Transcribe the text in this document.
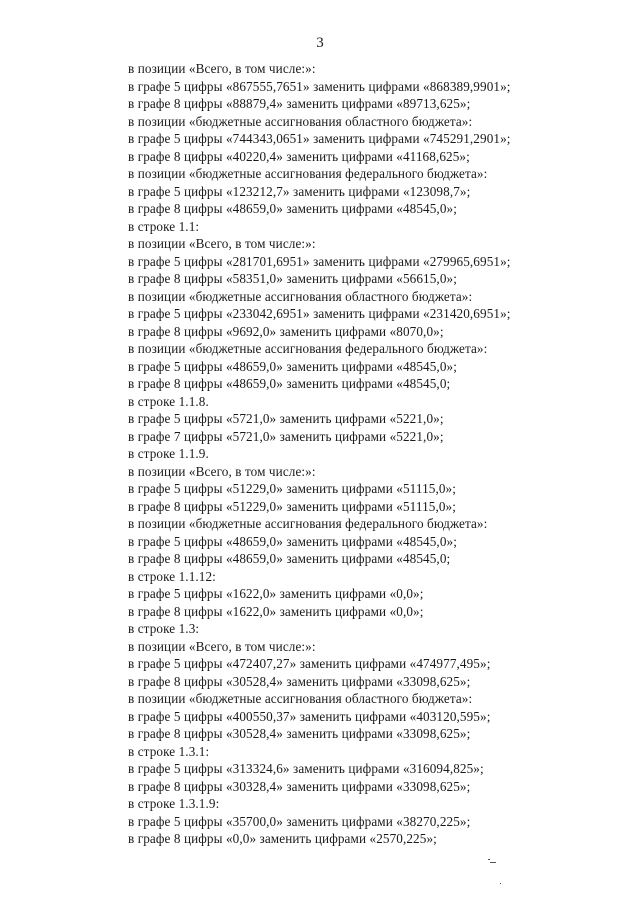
3
в позиции «Всего, в том числе:»:
в графе 5 цифры «867555,7651» заменить цифрами «868389,9901»;
в графе 8 цифры «88879,4» заменить цифрами «89713,625»;
в позиции «бюджетные ассигнования областного бюджета»:
в графе 5 цифры «744343,0651» заменить цифрами «745291,2901»;
в графе 8 цифры «40220,4» заменить цифрами «41168,625»;
в позиции «бюджетные ассигнования федерального бюджета»:
в графе 5 цифры «123212,7» заменить цифрами «123098,7»;
в графе 8 цифры «48659,0» заменить цифрами «48545,0»;
в строке 1.1:
в позиции «Всего, в том числе:»:
в графе 5 цифры «281701,6951» заменить цифрами «279965,6951»;
в графе 8 цифры «58351,0» заменить цифрами «56615,0»;
в позиции «бюджетные ассигнования областного бюджета»:
в графе 5 цифры «233042,6951» заменить цифрами «231420,6951»;
в графе 8 цифры «9692,0» заменить цифрами «8070,0»;
в позиции «бюджетные ассигнования федерального бюджета»:
в графе 5 цифры «48659,0» заменить цифрами «48545,0»;
в графе 8 цифры «48659,0» заменить цифрами «48545,0;
в строке 1.1.8.
в графе 5 цифры «5721,0» заменить цифрами «5221,0»;
в графе 7 цифры «5721,0» заменить цифрами «5221,0»;
в строке 1.1.9.
в позиции «Всего, в том числе:»:
в графе 5 цифры «51229,0» заменить цифрами «51115,0»;
в графе 8 цифры «51229,0» заменить цифрами «51115,0»;
в позиции «бюджетные ассигнования федерального бюджета»:
в графе 5 цифры «48659,0» заменить цифрами «48545,0»;
в графе 8 цифры «48659,0» заменить цифрами «48545,0;
в строке 1.1.12:
в графе 5 цифры «1622,0» заменить цифрами «0,0»;
в графе 8 цифры «1622,0» заменить цифрами «0,0»;
в строке 1.3:
в позиции «Всего, в том числе:»:
в графе 5 цифры «472407,27» заменить цифрами «474977,495»;
в графе 8 цифры «30528,4» заменить цифрами «33098,625»;
в позиции «бюджетные ассигнования областного бюджета»:
в графе 5 цифры «400550,37» заменить цифрами «403120,595»;
в графе 8 цифры «30528,4» заменить цифрами «33098,625»;
в строке 1.3.1:
в графе 5 цифры «313324,6» заменить цифрами «316094,825»;
в графе 8 цифры «30328,4» заменить цифрами «33098,625»;
в строке 1.3.1.9:
в графе 5 цифры «35700,0» заменить цифрами «38270,225»;
в графе 8 цифры «0,0» заменить цифрами «2570,225»;
